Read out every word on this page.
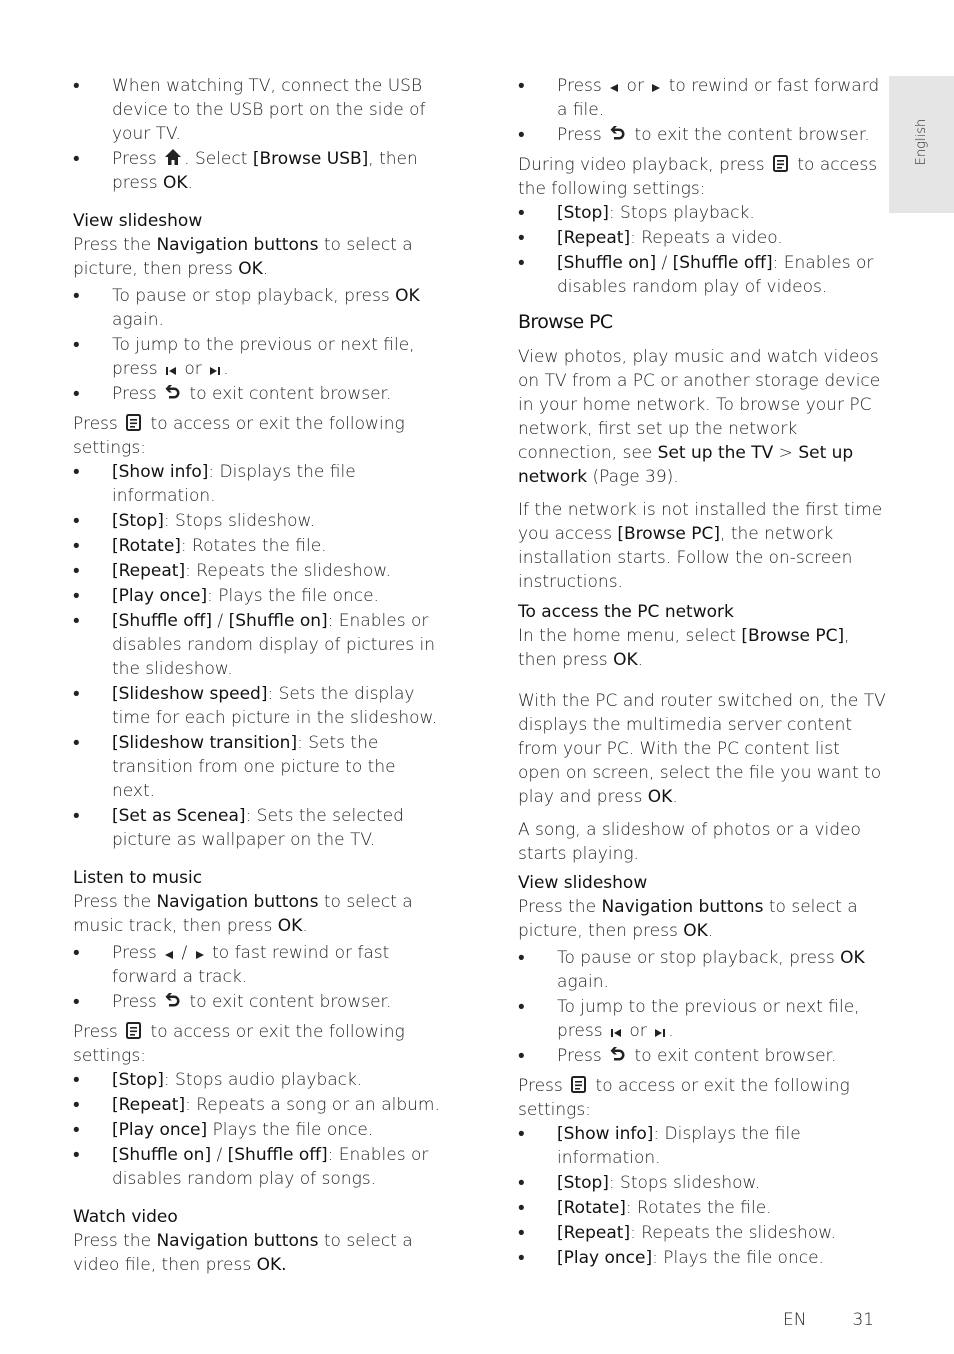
English
• When watching TV, connect the USB device to the USB port on the side of your TV.
• Press
. Select [Browse USB], then press OK.
View slideshow

Press the Navigation buttons to select a picture, then press OK.

• To pause or stop playback, press OK again.
• To jump to the previous or next file, press
or
.
• Press
to exit content browser.

Press
to access or exit the following settings:

• [Show info]: Displays the file information.
• [Stop]: Stops slideshow.
• [Rotate]: Rotates the file.
• [Repeat]: Repeats the slideshow.
• [Play once]: Plays the file once.
• [Shuffle off] / [Shuffle on]: Enables or disables random display of pictures in the slideshow.
• [Slideshow speed]: Sets the display time for each picture in the slideshow.
• [Slideshow transition]: Sets the transition from one picture to the next.
• [Set as Scenea]: Sets the selected picture as wallpaper on the TV.
Listen to music

Press the Navigation buttons to select a music track, then press OK.

• Press
/
to fast rewind or fast forward a track.
• Press
to exit content browser.

Press
to access or exit the following settings:

• [Stop]: Stops audio playback.
• [Repeat]: Repeats a song or an album.
• [Play once] Plays the file once.
• [Shuffle on] / [Shuffle off]: Enables or disables random play of songs.
Watch video

Press the Navigation buttons to select a video file, then press OK.

• Press
or
to rewind or fast forward a file.
• Press
to exit the content browser.

During video playback, press
to access the following settings:

• [Stop]: Stops playback.
• [Repeat]: Repeats a video.
• [Shuffle on] / [Shuffle off]: Enables or disables random play of videos.
Browse PC

View photos, play music and watch videos on TV from a PC or another storage device in your home network. To browse your PC network, first set up the network connection, see Set up the TV > Set up network (Page 39).

If the network is not installed the first time you access [Browse PC], the network installation starts. Follow the on-screen instructions.

To access the PC network

In the home menu, select [Browse PC], then press OK.

With the PC and router switched on, the TV displays the multimedia server content from your PC. With the PC content list open on screen, select the file you want to play and press OK.

A song, a slideshow of photos or a video starts playing.

View slideshow

Press the Navigation buttons to select a picture, then press OK.

• To pause or stop playback, press OK again.
• To jump to the previous or next file, press
or
.
• Press
to exit content browser.

Press
to access or exit the following settings:

• [Show info]: Displays the file information.
• [Stop]: Stops slideshow.
• [Rotate]: Rotates the file.
• [Repeat]: Repeats the slideshow.
• [Play once]: Plays the file once.
EN	31
